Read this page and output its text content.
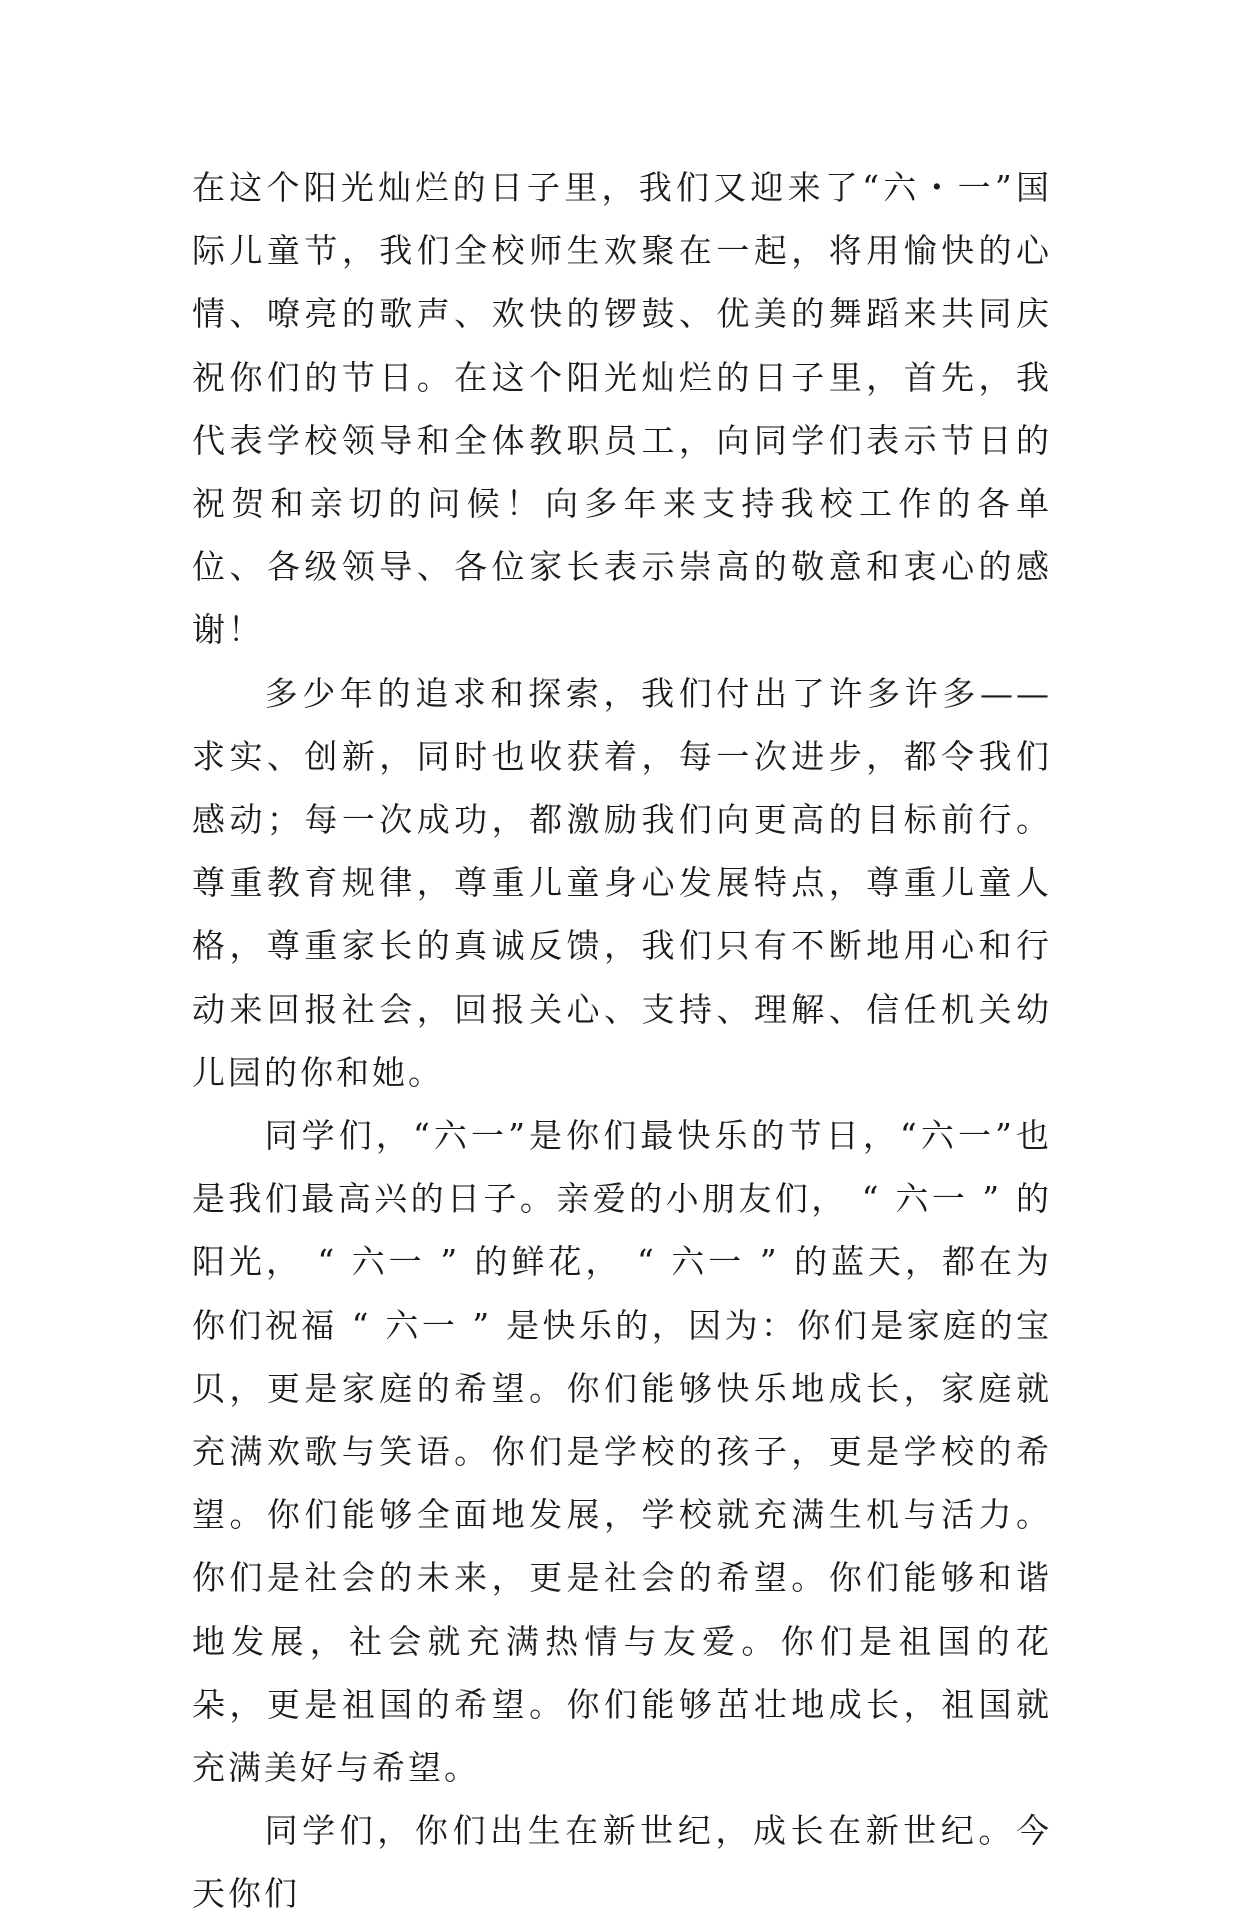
在这个阳光灿烂的日子里，我们又迎来了“六・一”国际儿童节，我们全校师生欢聚在一起，将用愉快的心情、嘹亮的歌声、欢快的锣鼓、优美的舞蹈来共同庆祝你们的节日。在这个阳光灿烂的日子里，首先，我代表学校领导和全体教职员工，向同学们表示节日的祝贺和亲切的问候！向多年来支持我校工作的各单位、各级领导、各位家长表示崇高的敬意和衷心的感谢！

多少年的追求和探索，我们付出了许多许多——求实、创新，同时也收获着，每一次进步，都令我们感动；每一次成功，都激励我们向更高的目标前行。尊重教育规律，尊重儿童身心发展特点，尊重儿童人格，尊重家长的真诚反馈，我们只有不断地用心和行动来回报社会，回报关心、支持、理解、信任机关幼儿园的你和她。

同学们，“六一”是你们最快乐的节日，“六一”也是我们最高兴的日子。亲爱的小朋友们， “ 六一 ” 的阳光， “ 六一 ” 的鲜花， “ 六一 ” 的蓝天，都在为你们祝福 “ 六一 ” 是快乐的，因为：你们是家庭的宝贝，更是家庭的希望。你们能够快乐地成长，家庭就充满欢歌与笑语。你们是学校的孩子，更是学校的希望。你们能够全面地发展，学校就充满生机与活力。你们是社会的未来，更是社会的希望。你们能够和谐地发展，社会就充满热情与友爱。你们是祖国的花朵，更是祖国的希望。你们能够茁壮地成长，祖国就充满美好与希望。

同学们，你们出生在新世纪，成长在新世纪。今天你们
